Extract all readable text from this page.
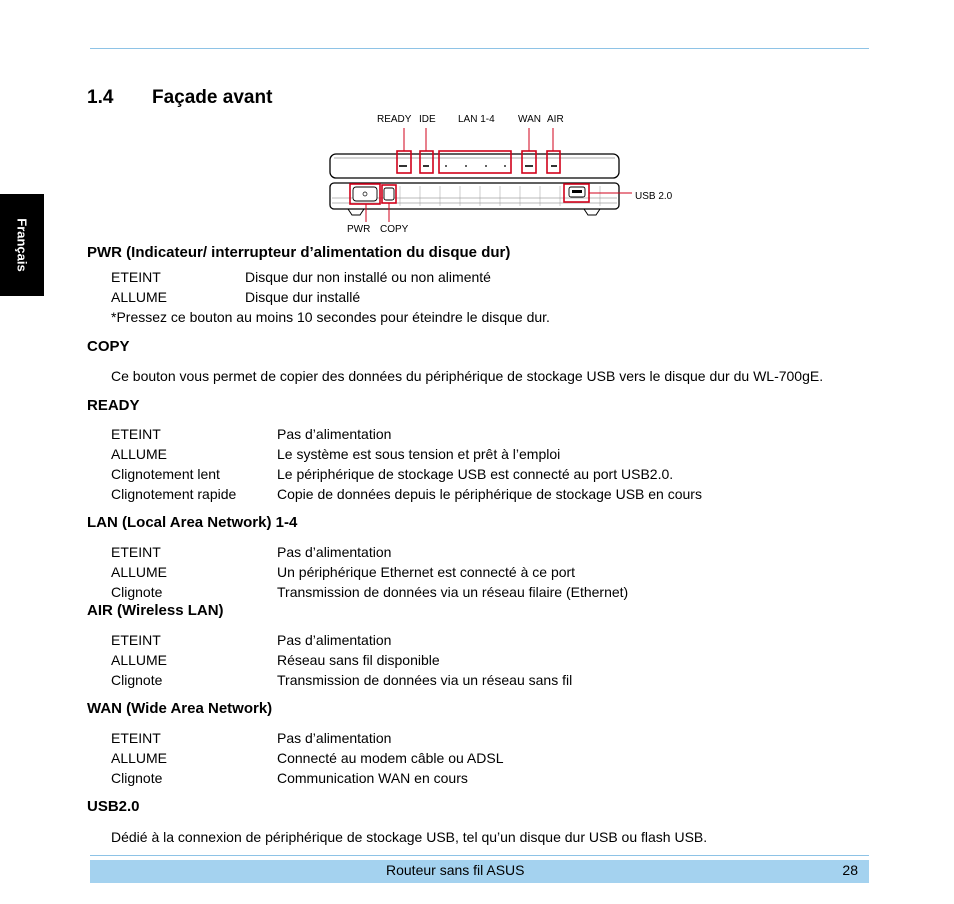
Français
1.4 Façade avant
READY IDE LAN 1-4 WAN AIR
USB 2.0
PWR COPY
PWR (Indicateur/ interrupteur d’alimentation du disque dur)
ETEINT	Disque dur non installé ou non alimenté
ALLUME	Disque dur installé
*Pressez ce bouton au moins 10 secondes pour éteindre le disque dur.
COPY
Ce bouton vous permet de copier des données du périphérique de stockage USB vers le disque dur du WL-700gE.
READY
ETEINT	Pas d’alimentation
ALLUME	Le système est sous tension et prêt à l’emploi
Clignotement lent	Le périphérique de stockage USB est connecté au port USB2.0.
Clignotement rapide	Copie de données depuis le périphérique de stockage USB en cours
LAN (Local Area Network) 1-4
ETEINT	Pas d’alimentation
ALLUME	Un périphérique Ethernet est connecté à ce port
Clignote	Transmission de données via un réseau filaire (Ethernet)
AIR (Wireless LAN)
ETEINT	Pas d’alimentation
ALLUME	Réseau sans fil disponible
Clignote	Transmission de données via un réseau sans fil
WAN (Wide Area Network)
ETEINT	Pas d’alimentation
ALLUME	Connecté au modem câble ou ADSL
Clignote	Communication WAN en cours
USB2.0
Dédié à la connexion de périphérique de stockage USB, tel qu’un disque dur USB ou flash USB.
Routeur sans fil ASUS	28
